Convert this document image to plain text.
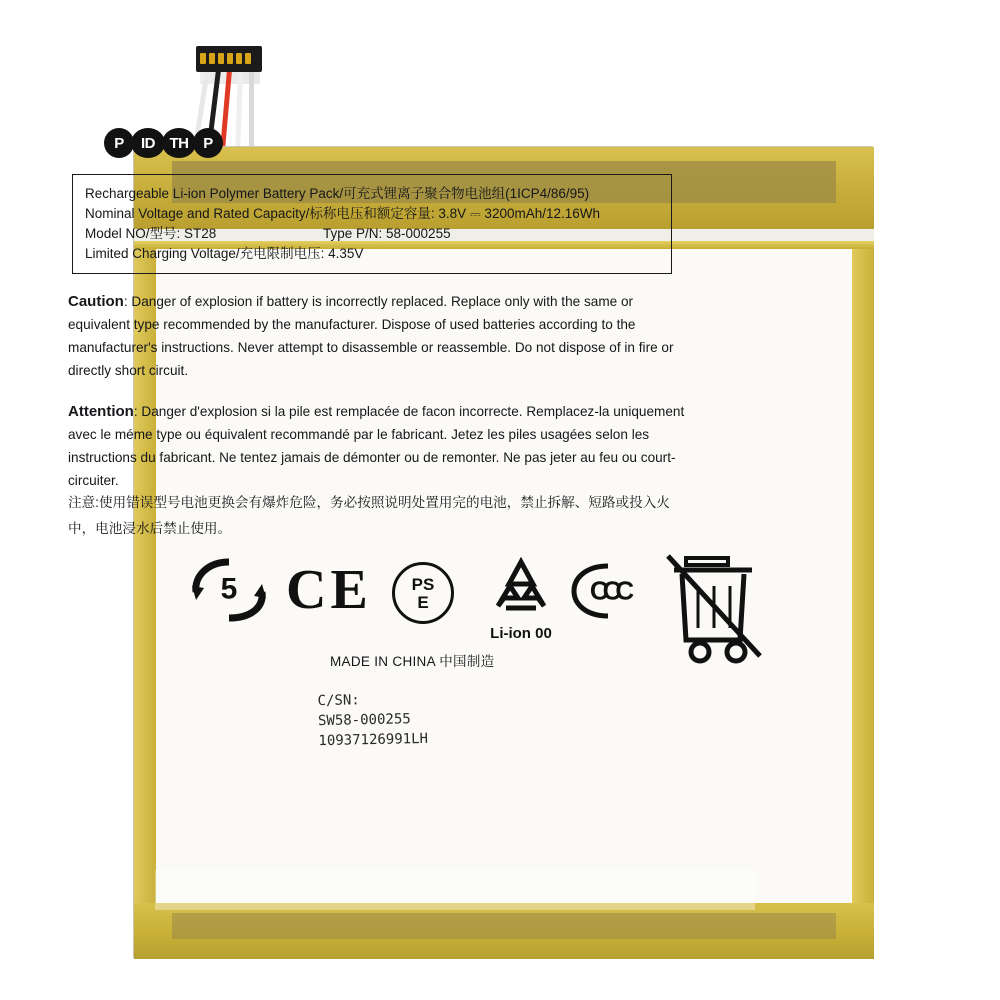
P	ID TH P
Rechargeable Li-ion Polymer Battery Pack/可充式锂离子聚合物电池组(1ICP4/86/95)
Nominal Voltage and Rated Capacity/标称电压和额定容量: 3.8V ⎓ 3200mAh/12.16Wh
Model NO/型号: ST28	Type P/N: 58-000255
Limited Charging Voltage/充电限制电压: 4.35V
Caution: Danger of explosion if battery is incorrectly replaced. Replace only with the same or equivalent type recommended by the manufacturer. Dispose of used batteries according to the manufacturer's instructions. Never attempt to disassemble or reassemble. Do not dispose of in fire or directly short circuit.
Attention: Danger d'explosion si la pile est remplacée de facon incorrecte. Remplacez-la uniquement avec le méme type ou équivalent recommandé par le fabricant. Jetez les piles usagées selon les instructions du fabricant. Ne tentez jamais de démonter ou de remonter. Ne pas jeter au feu ou court-circuiter.
注意:使用错误型号电池更换会有爆炸危险，务必按照说明处置用完的电池，禁止拆解、短路或投入火中，电池浸水后禁止使用。
5 CE	PS
E
Li-ion 00
CCC
MADE IN CHINA 中国制造
C/SN:
SW58-000255
10937126991LH
